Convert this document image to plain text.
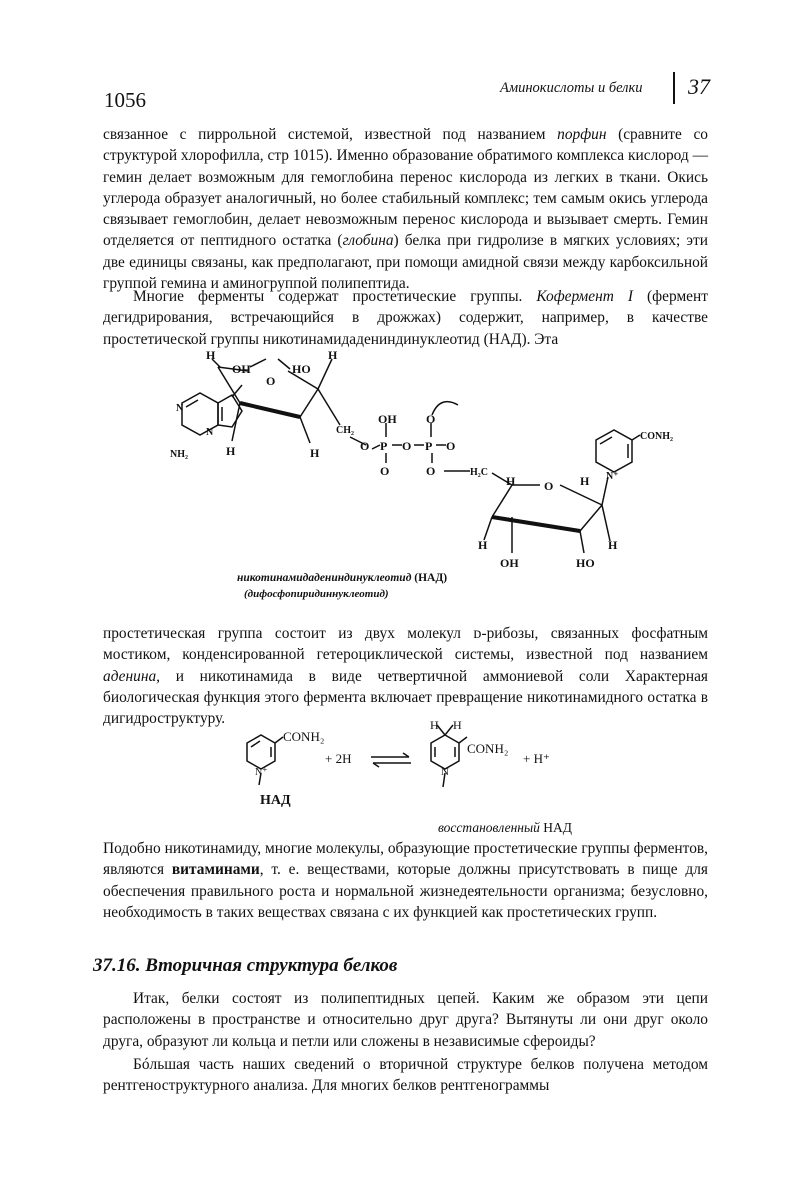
1056	Аминокислоты и белки 37

связанное с пиррольной системой, известной под названием порфин (сравните со структурой хлорофилла, стр 1015). Именно образование обратимого комплекса кислород — гемин делает возможным для гемоглобина перенос кислорода из легких в ткани. Окись углерода образует аналогичный, но более стабильный комплекс; тем самым окись углерода связывает гемоглобин, делает невозможным перенос кислорода и вызывает смерть. Гемин отделяется от пептидного остатка (глобина) белка при гидролизе в мягких условиях; эти две единицы связаны, как предполагают, при помощи амидной связи между карбоксильной группой гемина и аминогруппой полипептида.

Многие ферменты содержат простетические группы. Кофермент I (фермент дегидрирования, встречающийся в дрожжах) содержит, например, в качестве простетической группы никотинамидадениндинуклеотид (НАД). Эта

H	H
OH	HO
O
NH₂	H	H
CH₂
O P O P O
OH O
O	O	H₂C
H O H
H
OH	HO
H
CONH₂
N⁺
N
N
никотинамидадениндинуклеотид (НАД)
(дифосфопиридиннуклеотид)

простетическая группа состоит из двух молекул ᴅ-рибозы, связанных фосфатным мостиком, конденсированной гетероциклической системы, известной под названием аденина, и никотинамида в виде четвертичной аммониевой соли Характерная биологическая функция этого фермента включает превращение никотинамидного остатка в дигидроструктуру.

CONH₂
N⁺
+ 2H
H H
CONH₂
N
+ H⁺
НАД
восстановленный НАД

Подобно никотинамиду, многие молекулы, образующие простетические группы ферментов, являются витаминами, т. е. веществами, которые должны присутствовать в пище для обеспечения правильного роста и нормальной жизнедеятельности организма; безусловно, необходимость в таких веществах связана с их функцией как простетических групп.

37.16. Вторичная структура белков

Итак, белки состоят из полипептидных цепей. Каким же образом эти цепи расположены в пространстве и относительно друг друга? Вытянуты ли они друг около друга, образуют ли кольца и петли или сложены в независимые сфероиды?

Бóльшая часть наших сведений о вторичной структуре белков получена методом рентгеноструктурного анализа. Для многих белков рентгенограммы
